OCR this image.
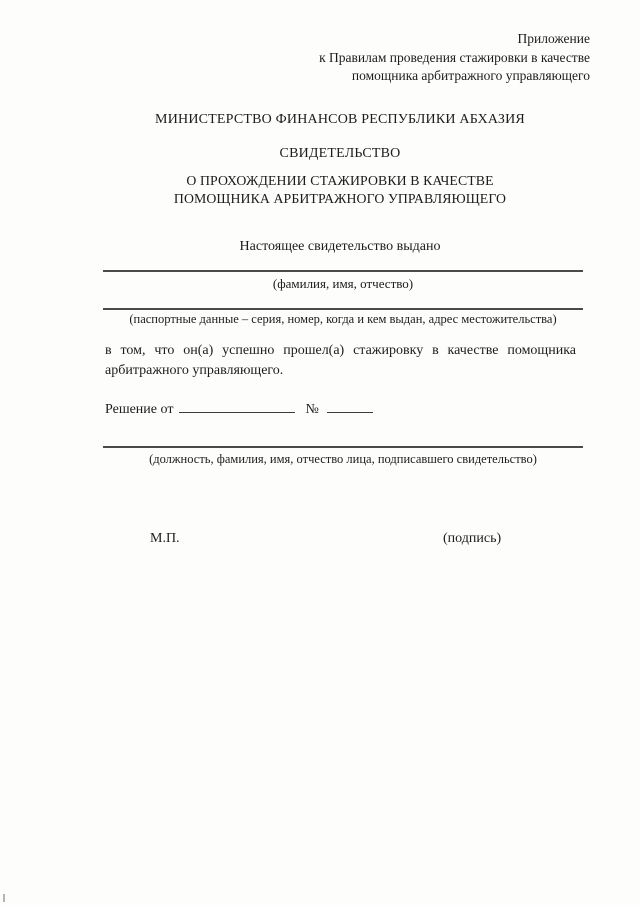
Приложение
к Правилам проведения стажировки в качестве
помощника арбитражного управляющего
МИНИСТЕРСТВО ФИНАНСОВ РЕСПУБЛИКИ АБХАЗИЯ
СВИДЕТЕЛЬСТВО
О ПРОХОЖДЕНИИ СТАЖИРОВКИ В КАЧЕСТВЕ
ПОМОЩНИКА АРБИТРАЖНОГО УПРАВЛЯЮЩЕГО
Настоящее свидетельство выдано
(фамилия, имя, отчество)
(паспортные данные – серия, номер, когда и кем выдан, адрес местожительства)
в том, что он(а) успешно прошел(а) стажировку в качестве помощника арбитражного управляющего.
Решение от	№
(должность, фамилия, имя, отчество лица, подписавшего свидетельство)
М.П.	(подпись)
